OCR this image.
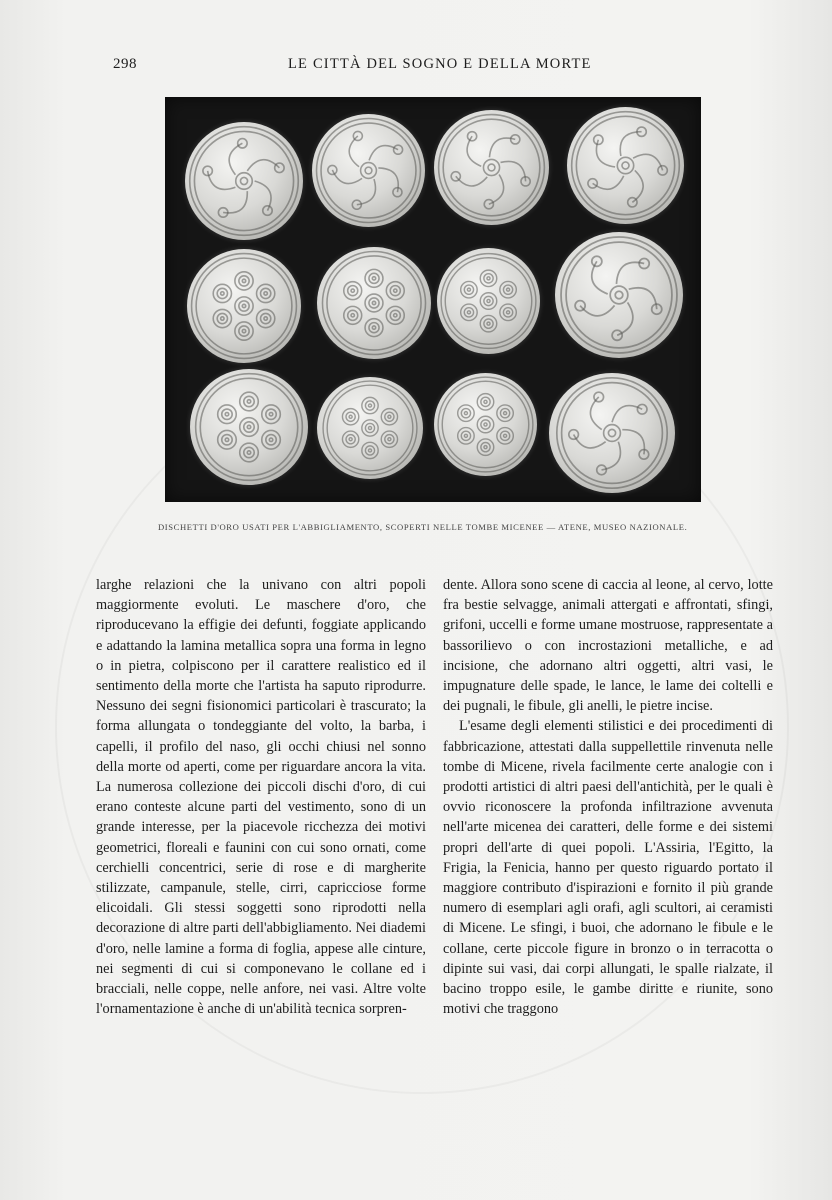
298	LE CITTÀ DEL SOGNO E DELLA MORTE
DISCHETTI D'ORO USATI PER L'ABBIGLIAMENTO, SCOPERTI NELLE TOMBE MICENEE — ATENE, MUSEO NAZIONALE.

larghe relazioni che la univano con altri popoli maggiormente evoluti. Le maschere d'oro, che riproducevano la effigie dei defunti, foggiate applicando e adattando la lamina metallica sopra una forma in legno o in pietra, colpiscono per il carattere realistico ed il sentimento della morte che l'artista ha saputo riprodurre. Nessuno dei segni fisionomici particolari è trascurato; la forma allungata o tondeggiante del volto, la barba, i capelli, il profilo del naso, gli occhi chiusi nel sonno della morte od aperti, come per riguardare ancora la vita. La numerosa collezione dei piccoli dischi d'oro, di cui erano conteste alcune parti del vestimento, sono di un grande interesse, per la piacevole ricchezza dei motivi geometrici, floreali e faunini con cui sono ornati, come cerchielli concentrici, serie di rose e di margherite stilizzate, campanule, stelle, cirri, capricciose forme elicoidali. Gli stessi soggetti sono riprodotti nella decorazione di altre parti dell'abbigliamento. Nei diademi d'oro, nelle lamine a forma di foglia, appese alle cinture, nei segmenti di cui si componevano le collane ed i bracciali, nelle coppe, nelle anfore, nei vasi. Altre volte l'ornamentazione è anche di un'abilità tecnica sorpren-

dente. Allora sono scene di caccia al leone, al cervo, lotte fra bestie selvagge, animali attergati e affrontati, sfingi, grifoni, uccelli e forme umane mostruose, rappresentate a bassorilievo o con incrostazioni metalliche, e ad incisione, che adornano altri oggetti, altri vasi, le impugnature delle spade, le lance, le lame dei coltelli e dei pugnali, le fibule, gli anelli, le pietre incise.

L'esame degli elementi stilistici e dei procedimenti di fabbricazione, attestati dalla suppellettile rinvenuta nelle tombe di Micene, rivela facilmente certe analogie con i prodotti artistici di altri paesi dell'antichità, per le quali è ovvio riconoscere la profonda infiltrazione avvenuta nell'arte micenea dei caratteri, delle forme e dei sistemi propri dell'arte di quei popoli. L'Assiria, l'Egitto, la Frigia, la Fenicia, hanno per questo riguardo portato il maggiore contributo d'ispirazioni e fornito il più grande numero di esemplari agli orafi, agli scultori, ai ceramisti di Micene. Le sfingi, i buoi, che adornano le fibule e le collane, certe piccole figure in bronzo o in terracotta o dipinte sui vasi, dai corpi allungati, le spalle rialzate, il bacino troppo esile, le gambe diritte e riunite, sono motivi che traggono
